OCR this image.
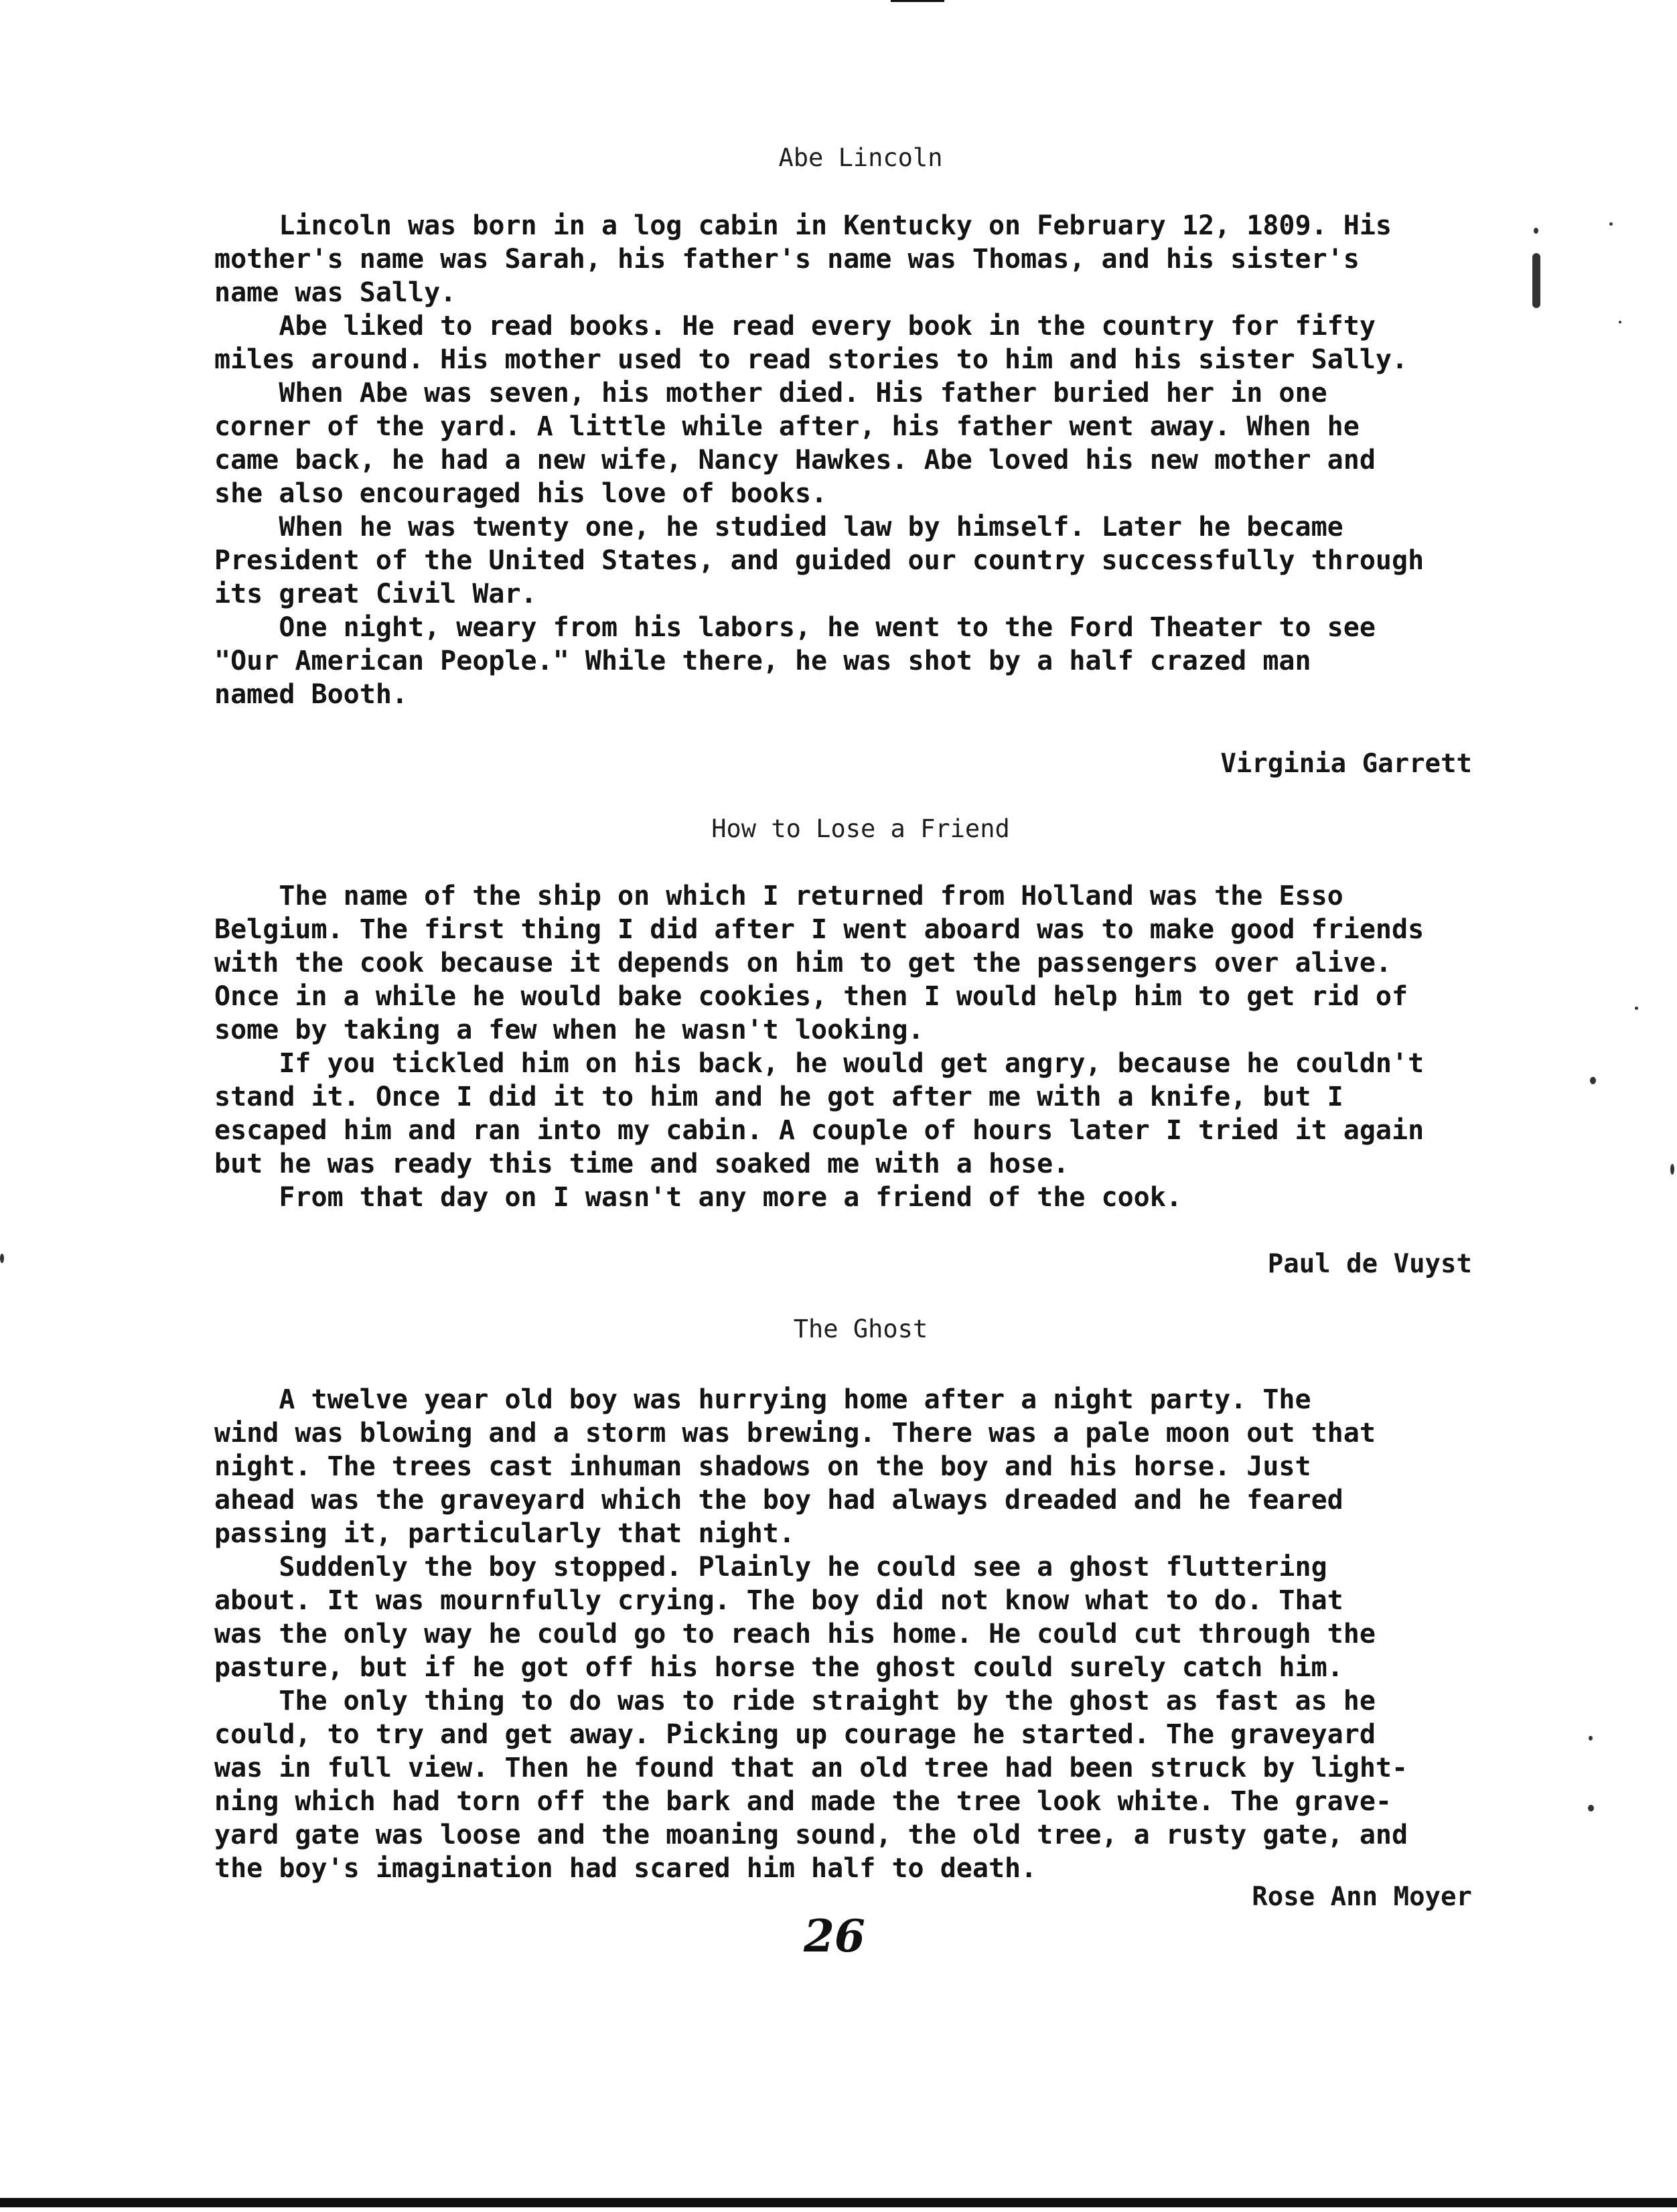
Abe Lincoln

Lincoln was born in a log cabin in Kentucky on February 12, 1809. His
mother's name was Sarah, his father's name was Thomas, and his sister's
name was Sally.

Abe liked to read books. He read every book in the country for fifty
miles around. His mother used to read stories to him and his sister Sally.

When Abe was seven, his mother died. His father buried her in one
corner of the yard. A little while after, his father went away. When he
came back, he had a new wife, Nancy Hawkes. Abe loved his new mother and
she also encouraged his love of books.

When he was twenty one, he studied law by himself. Later he became
President of the United States, and guided our country successfully through
its great Civil War.

One night, weary from his labors, he went to the Ford Theater to see
"Our American People." While there, he was shot by a half crazed man
named Booth.

Virginia Garrett
How to Lose a Friend

The name of the ship on which I returned from Holland was the Esso
Belgium. The first thing I did after I went aboard was to make good friends
with the cook because it depends on him to get the passengers over alive.
Once in a while he would bake cookies, then I would help him to get rid of
some by taking a few when he wasn't looking.

If you tickled him on his back, he would get angry, because he couldn't
stand it. Once I did it to him and he got after me with a knife, but I
escaped him and ran into my cabin. A couple of hours later I tried it again
but he was ready this time and soaked me with a hose.

From that day on I wasn't any more a friend of the cook.

Paul de Vuyst
The Ghost

A twelve year old boy was hurrying home after a night party. The
wind was blowing and a storm was brewing. There was a pale moon out that
night. The trees cast inhuman shadows on the boy and his horse. Just
ahead was the graveyard which the boy had always dreaded and he feared
passing it, particularly that night.

Suddenly the boy stopped. Plainly he could see a ghost fluttering
about. It was mournfully crying. The boy did not know what to do. That
was the only way he could go to reach his home. He could cut through the
pasture, but if he got off his horse the ghost could surely catch him.

The only thing to do was to ride straight by the ghost as fast as he
could, to try and get away. Picking up courage he started. The graveyard
was in full view. Then he found that an old tree had been struck by light-
ning which had torn off the bark and made the tree look white. The grave-
yard gate was loose and the moaning sound, the old tree, a rusty gate, and
the boy's imagination had scared him half to death.

Rose Ann Moyer
26
